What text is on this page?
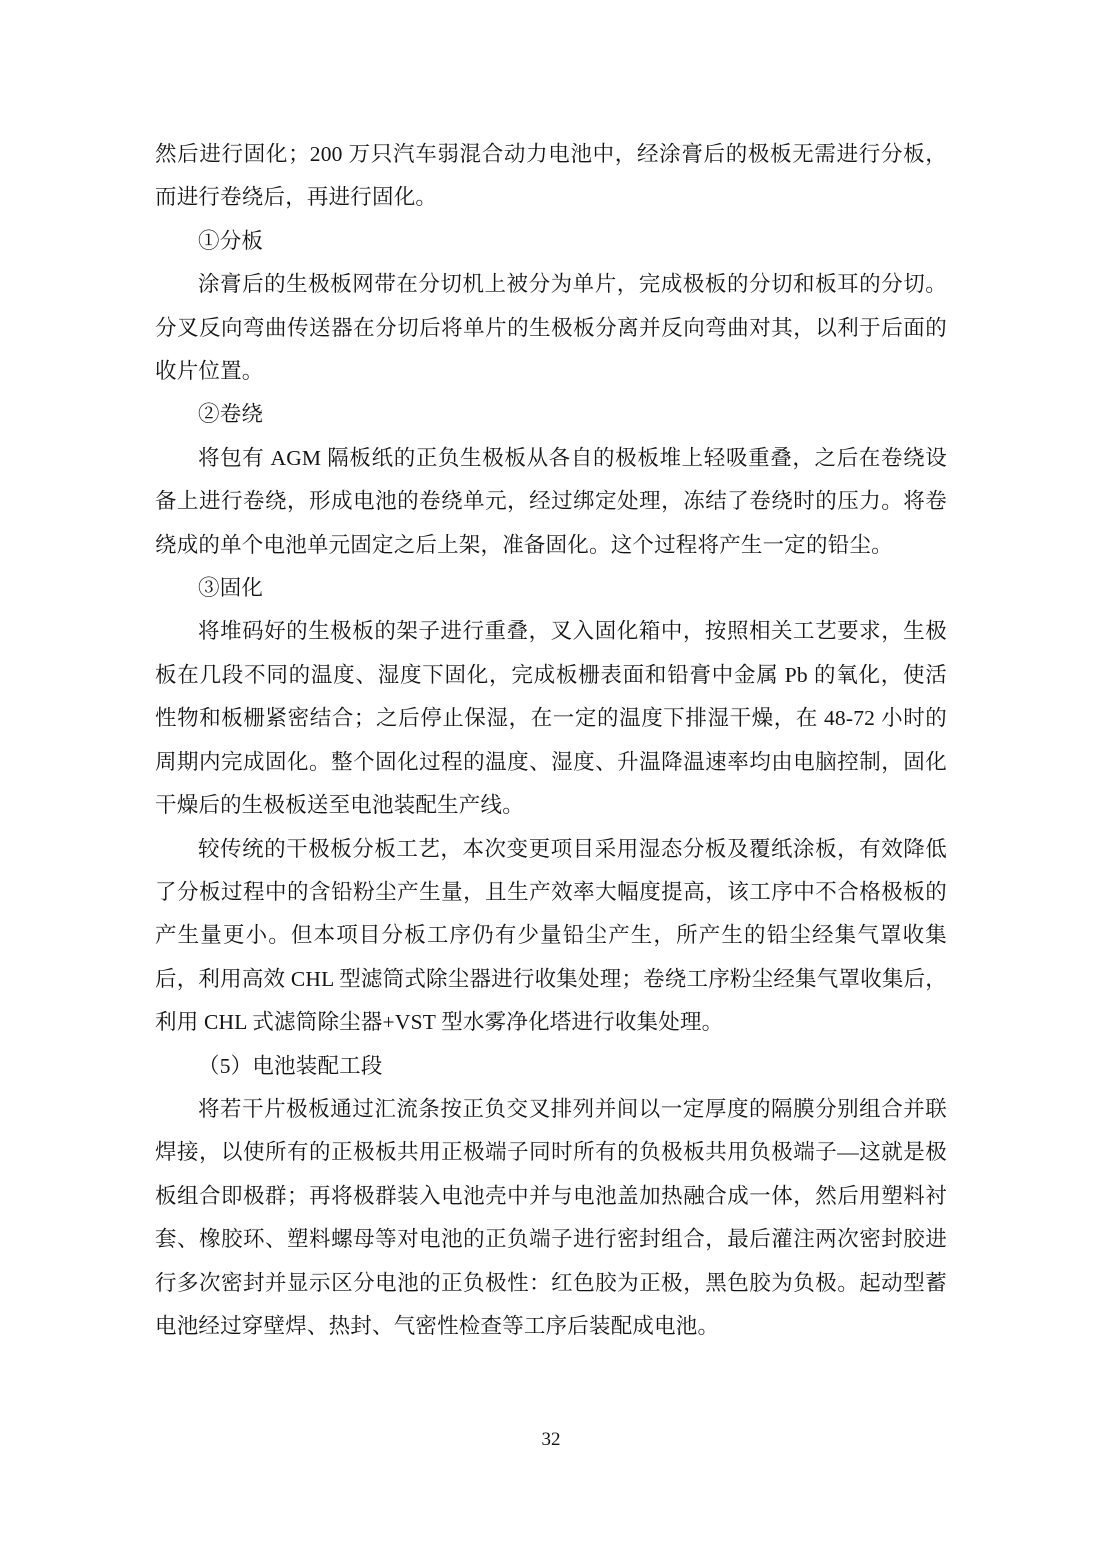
然后进行固化；200 万只汽车弱混合动力电池中，经涂膏后的极板无需进行分板，而进行卷绕后，再进行固化。

①分板

涂膏后的生极板网带在分切机上被分为单片，完成极板的分切和板耳的分切。分叉反向弯曲传送器在分切后将单片的生极板分离并反向弯曲对其，以利于后面的收片位置。

②卷绕

将包有 AGM 隔板纸的正负生极板从各自的极板堆上轻吸重叠，之后在卷绕设备上进行卷绕，形成电池的卷绕单元，经过绑定处理，冻结了卷绕时的压力。将卷绕成的单个电池单元固定之后上架，准备固化。这个过程将产生一定的铅尘。

③固化

将堆码好的生极板的架子进行重叠，叉入固化箱中，按照相关工艺要求，生极板在几段不同的温度、湿度下固化，完成板栅表面和铅膏中金属 Pb 的氧化，使活性物和板栅紧密结合；之后停止保湿，在一定的温度下排湿干燥，在 48-72 小时的周期内完成固化。整个固化过程的温度、湿度、升温降温速率均由电脑控制，固化干燥后的生极板送至电池装配生产线。

较传统的干极板分板工艺，本次变更项目采用湿态分板及覆纸涂板，有效降低了分板过程中的含铅粉尘产生量，且生产效率大幅度提高，该工序中不合格极板的产生量更小。但本项目分板工序仍有少量铅尘产生，所产生的铅尘经集气罩收集后，利用高效 CHL 型滤筒式除尘器进行收集处理；卷绕工序粉尘经集气罩收集后，利用 CHL 式滤筒除尘器+VST 型水雾净化塔进行收集处理。

（5）电池装配工段

将若干片极板通过汇流条按正负交叉排列并间以一定厚度的隔膜分别组合并联焊接，以使所有的正极板共用正极端子同时所有的负极板共用负极端子—这就是极板组合即极群；再将极群装入电池壳中并与电池盖加热融合成一体，然后用塑料衬套、橡胶环、塑料螺母等对电池的正负端子进行密封组合，最后灌注两次密封胶进行多次密封并显示区分电池的正负极性：红色胶为正极，黑色胶为负极。起动型蓄电池经过穿壁焊、热封、气密性检查等工序后装配成电池。

32
